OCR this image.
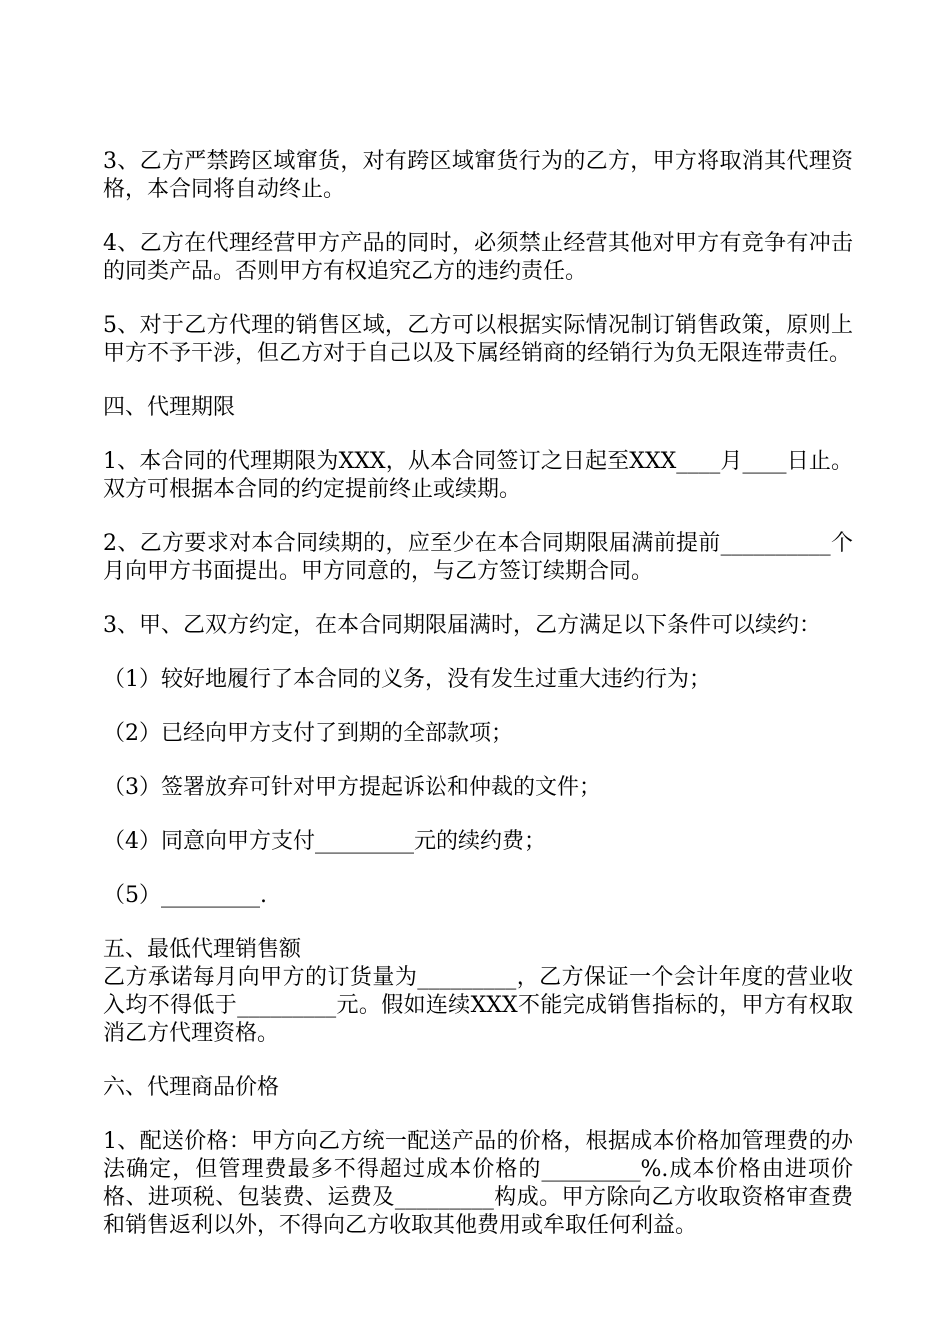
3、乙方严禁跨区域窜货，对有跨区域窜货行为的乙方，甲方将取消其代理资格，本合同将自动终止。

4、乙方在代理经营甲方产品的同时，必须禁止经营其他对甲方有竞争有冲击的同类产品。否则甲方有权追究乙方的违约责任。

5、对于乙方代理的销售区域，乙方可以根据实际情况制订销售政策，原则上甲方不予干涉，但乙方对于自己以及下属经销商的经销行为负无限连带责任。

四、代理期限

1、本合同的代理期限为XXX，从本合同签订之日起至XXX____月____日止。双方可根据本合同的约定提前终止或续期。

2、乙方要求对本合同续期的，应至少在本合同期限届满前提前__________个月向甲方书面提出。甲方同意的，与乙方签订续期合同。

3、甲、乙双方约定，在本合同期限届满时，乙方满足以下条件可以续约：

（1）较好地履行了本合同的义务，没有发生过重大违约行为；

（2）已经向甲方支付了到期的全部款项；

（3）签署放弃可针对甲方提起诉讼和仲裁的文件；

（4）同意向甲方支付_________元的续约费；

（5）_________.

五、最低代理销售额

乙方承诺每月向甲方的订货量为_________，乙方保证一个会计年度的营业收入均不得低于_________元。假如连续XXX不能完成销售指标的，甲方有权取消乙方代理资格。

六、代理商品价格

1、配送价格：甲方向乙方统一配送产品的价格，根据成本价格加管理费的办法确定，但管理费最多不得超过成本价格的_________%.成本价格由进项价格、进项税、包装费、运费及_________构成。甲方除向乙方收取资格审查费和销售返利以外，不得向乙方收取其他费用或牟取任何利益。
